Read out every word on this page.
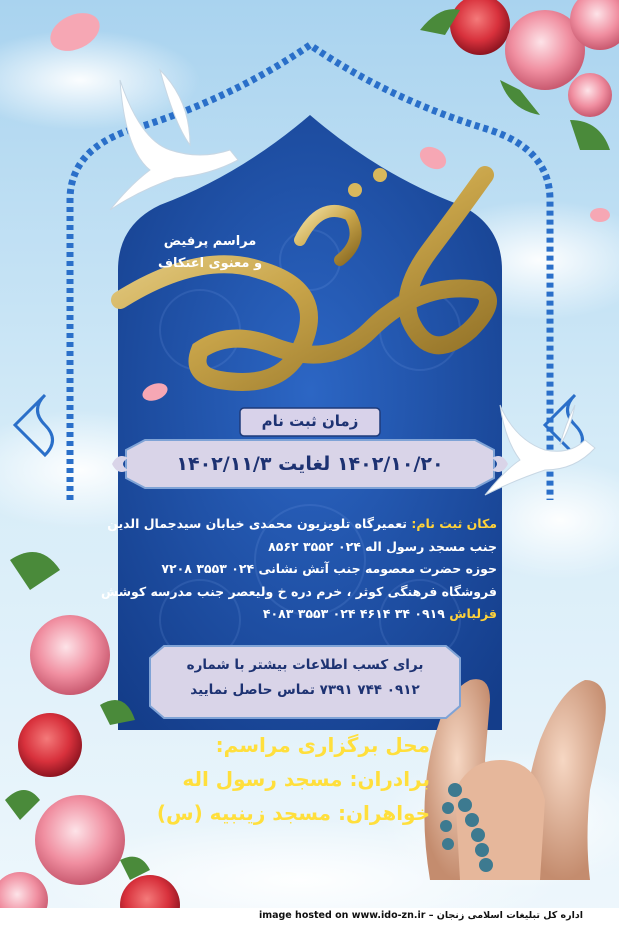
مراسم پرفیض
و معنوی اعتکاف
زمان ثبت نام
۱۴۰۲/۱۰/۲۰ لغایت ۱۴۰۲/۱۱/۳
مکان ثبت نام: تعمیرگاه تلویزیون محمدی خیابان سیدجمال الدین
جنب مسجد رسول اله ۰۲۴ ۳۵۵۲ ۸۵۶۲
حوزه حضرت معصومه جنب آتش نشانی ۰۲۴ ۳۵۵۳ ۷۲۰۸
فروشگاه فرهنگی کوثر ، خرم دره خ ولیعصر جنب مدرسه کوشش
قزلباش ۰۹۱۹ ۳۴ ۴۶۱۴ ۰۲۴ ۳۵۵۳ ۴۰۸۳
برای کسب اطلاعات بیشتر با شماره
۰۹۱۲ ۷۴۴ ۷۳۹۱ تماس حاصل نمایید
محل برگزاری مراسم:
برادران: مسجد رسول اله
خواهران: مسجد زینبیه (س)
اداره کل تبلیغات اسلامی زنجان – image hosted on www.ido-zn.ir
